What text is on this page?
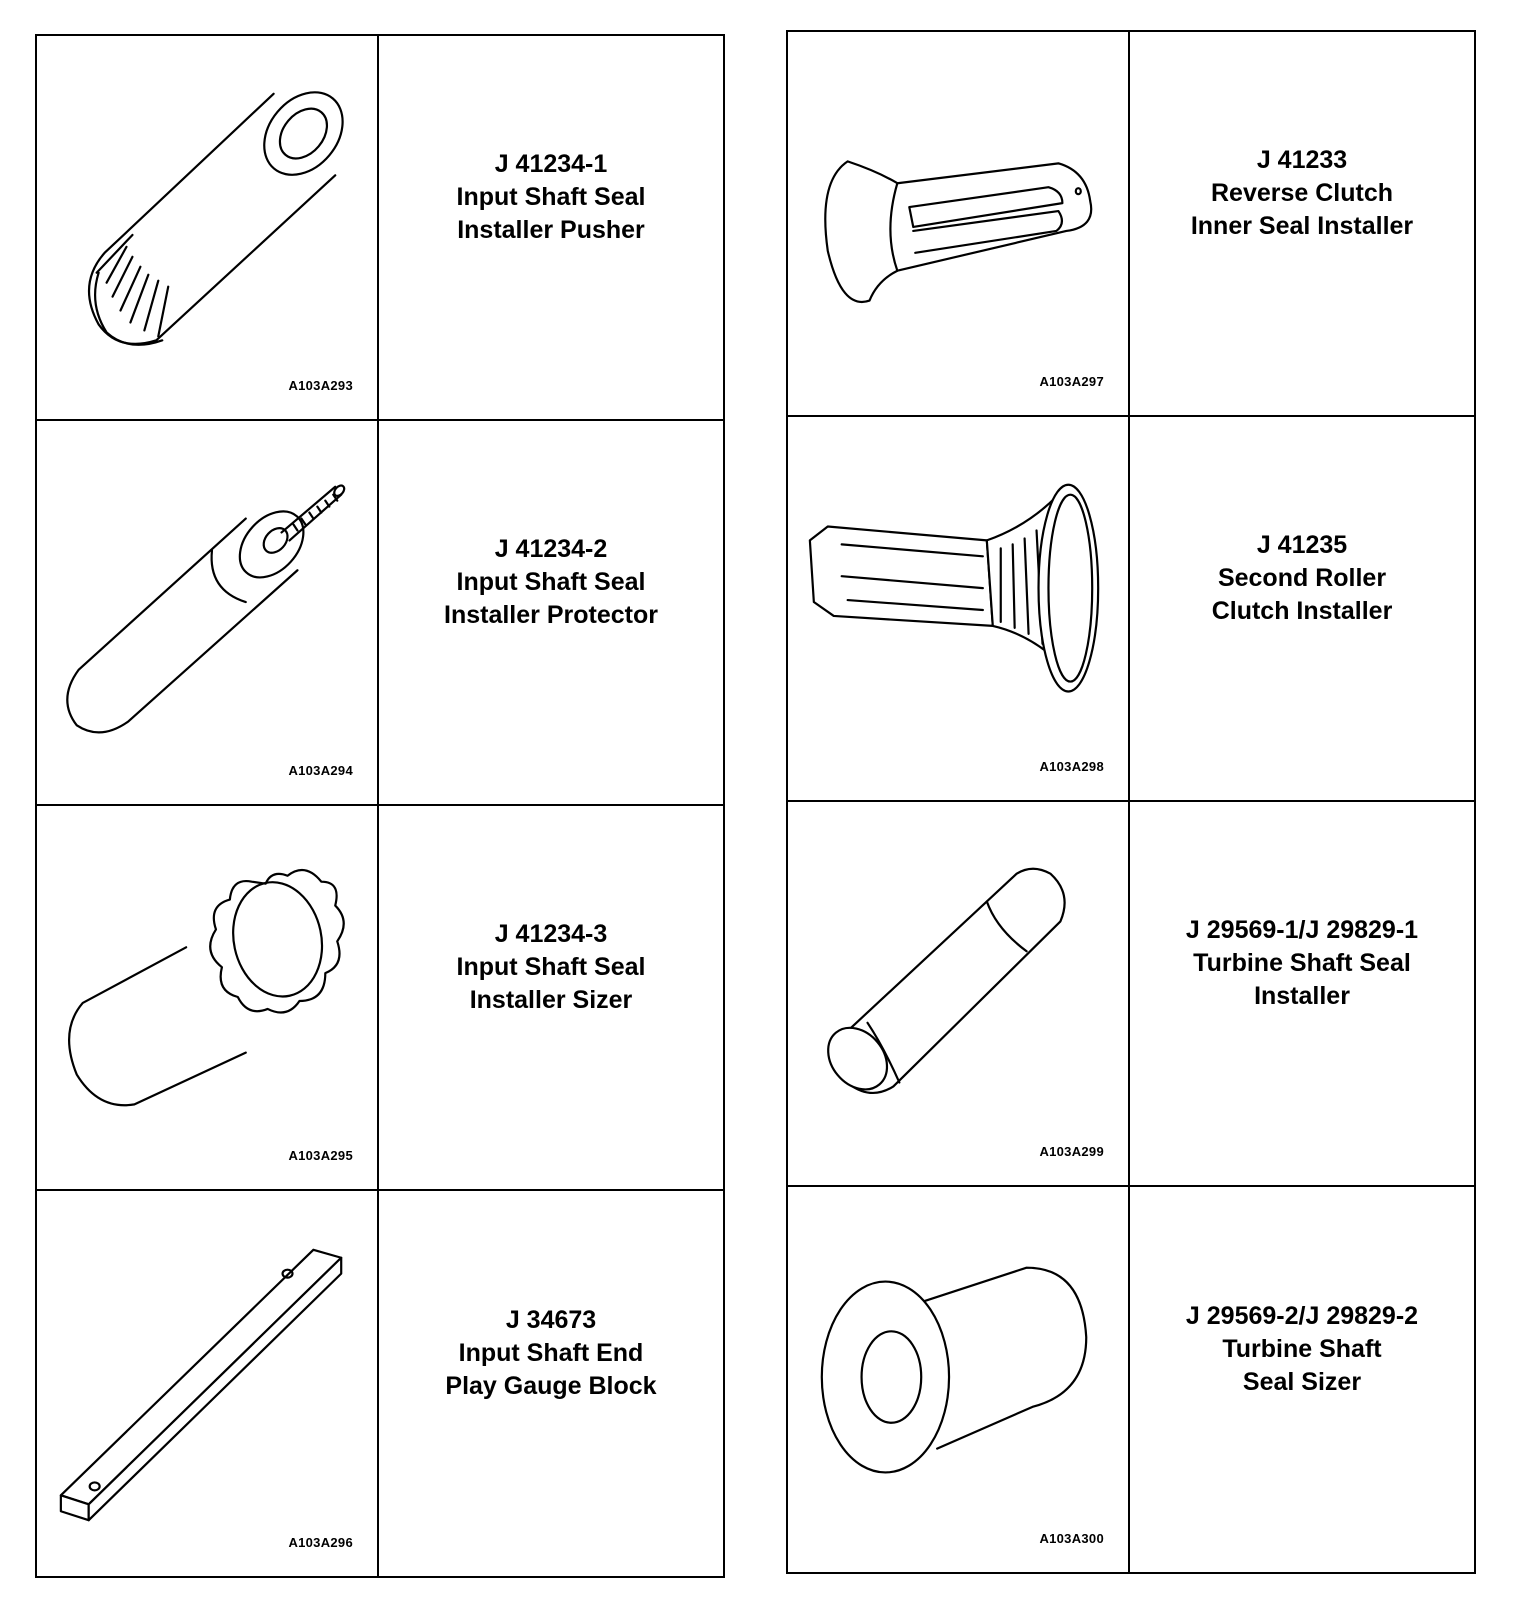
A103A293
J 41234-1
Input Shaft Seal
Installer Pusher
A103A294
J 41234-2
Input Shaft Seal
Installer Protector
A103A295
J 41234-3
Input Shaft Seal
Installer Sizer
A103A296
J 34673
Input Shaft End
Play Gauge Block
A103A297
J 41233
Reverse Clutch
Inner Seal Installer
A103A298
J 41235
Second Roller
Clutch Installer
A103A299
J 29569-1/J 29829-1
Turbine Shaft Seal
Installer
A103A300
J 29569-2/J 29829-2
Turbine Shaft
Seal Sizer
